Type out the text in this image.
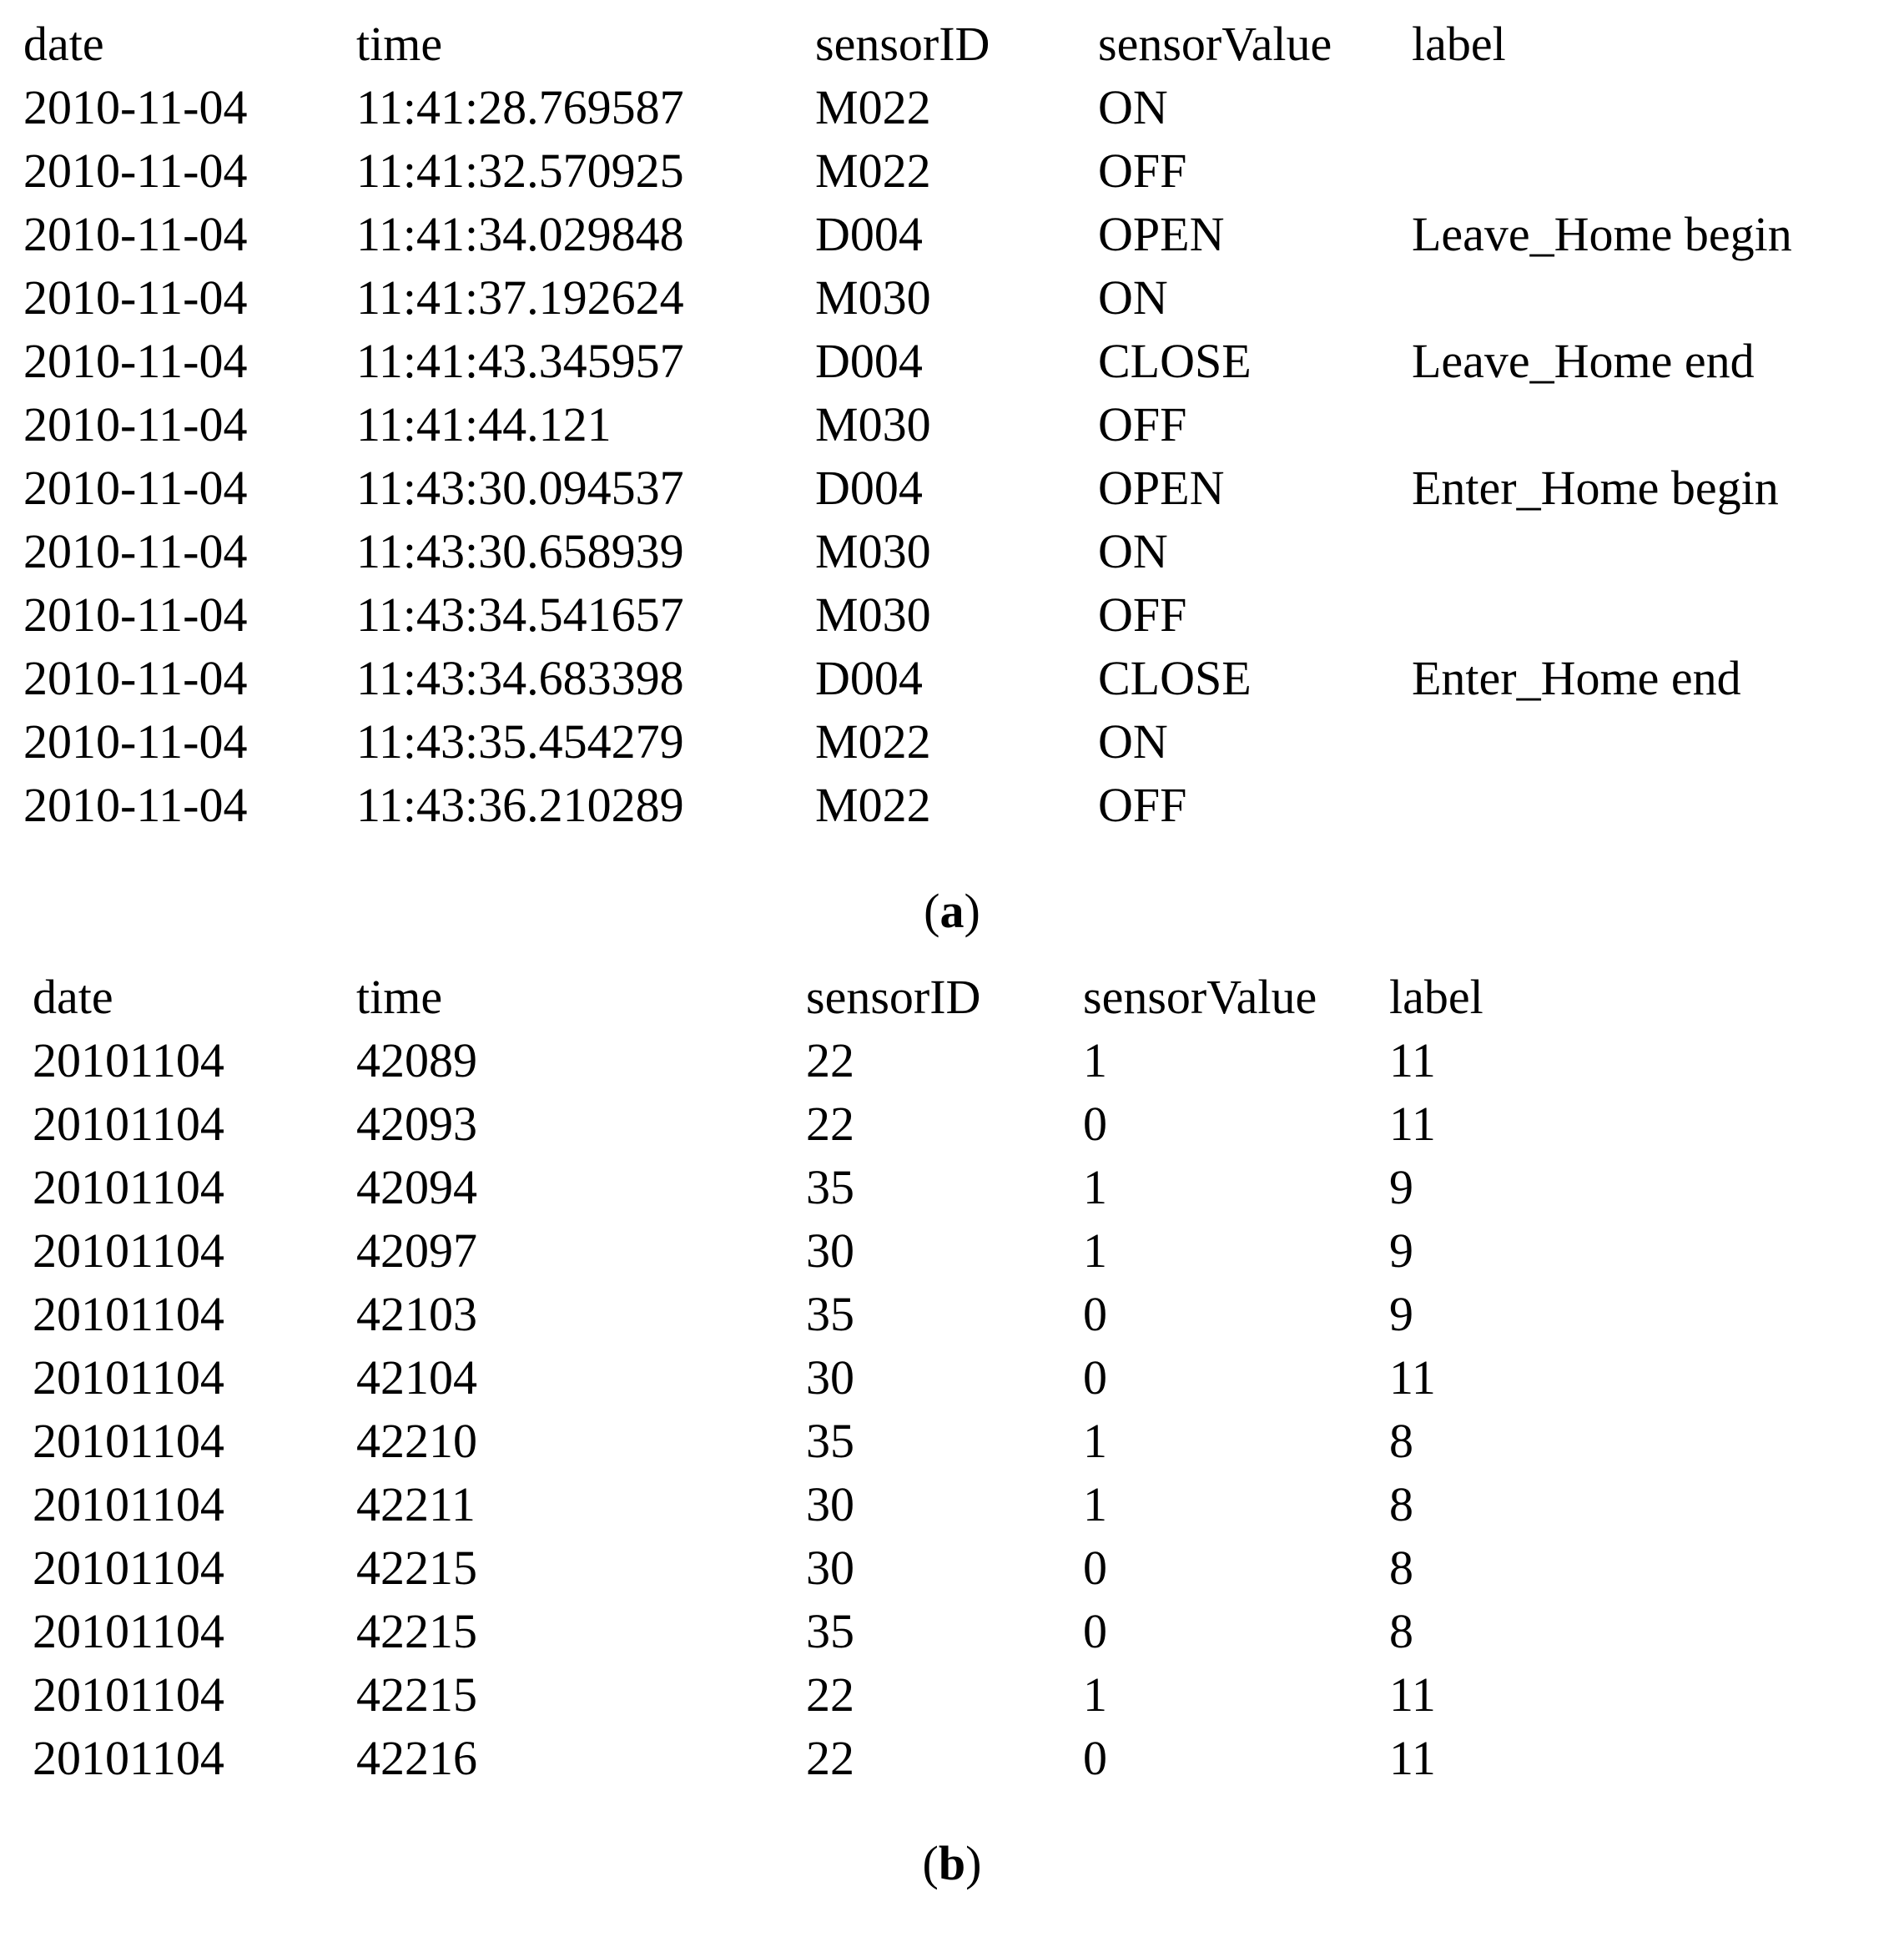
date	time	sensorID sensorValue label
2010-11-04 11:41:28.769587	M022	ON
2010-11-04 11:41:32.570925	M022	OFF
2010-11-04 11:41:34.029848	D004	OPEN	Leave_Home begin
2010-11-04 11:41:37.192624	M030	ON
2010-11-04 11:41:43.345957	D004	CLOSE	Leave_Home end
2010-11-04 11:41:44.121	M030	OFF
2010-11-04 11:43:30.094537	D004	OPEN	Enter_Home begin
2010-11-04 11:43:30.658939	M030	ON
2010-11-04 11:43:34.541657	M030	OFF
2010-11-04 11:43:34.683398	D004	CLOSE	Enter_Home end
2010-11-04 11:43:35.454279	M022	ON
2010-11-04 11:43:36.210289	M022	OFF
(a)
date	time	sensorID sensorValue label
20101104	42089	22	1	11
20101104	42093	22	0	11
20101104	42094	35	1	9
20101104	42097	30	1	9
20101104	42103	35	0	9
20101104	42104	30	0	11
20101104	42210	35	1	8
20101104	42211	30	1	8
20101104	42215	30	0	8
20101104	42215	35	0	8
20101104	42215	22	1	11
20101104	42216	22	0	11
(b)
